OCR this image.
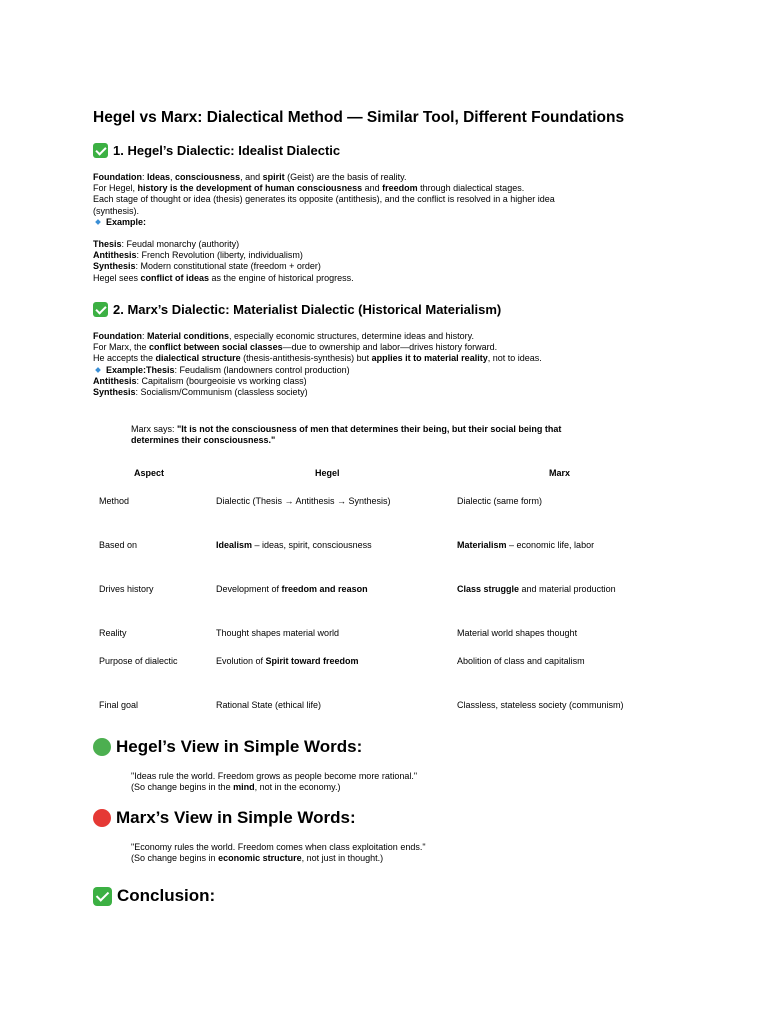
Hegel vs Marx: Dialectical Method — Similar Tool, Different Foundations
1. Hegel’s Dialectic: Idealist Dialectic
Foundation: Ideas, consciousness, and spirit (Geist) are the basis of reality.
For Hegel, history is the development of human consciousness and freedom through dialectical stages.
Each stage of thought or idea (thesis) generates its opposite (antithesis), and the conflict is resolved in a higher idea
(synthesis).
Example:
Thesis: Feudal monarchy (authority)
Antithesis: French Revolution (liberty, individualism)
Synthesis: Modern constitutional state (freedom + order)
Hegel sees conflict of ideas as the engine of historical progress.
2. Marx’s Dialectic: Materialist Dialectic (Historical Materialism)
Foundation: Material conditions, especially economic structures, determine ideas and history.
For Marx, the conflict between social classes—due to ownership and labor—drives history forward.
He accepts the dialectical structure (thesis-antithesis-synthesis) but applies it to material reality, not to ideas.
Example:Thesis: Feudalism (landowners control production)
Antithesis: Capitalism (bourgeoisie vs working class)
Synthesis: Socialism/Communism (classless society)
Marx says: "It is not the consciousness of men that determines their being, but their social being that
determines their consciousness."
Aspect	Hegel	Marx
Method	Dialectic (Thesis → Antithesis → Synthesis)	Dialectic (same form)
Based on	Idealism – ideas, spirit, consciousness	Materialism – economic life, labor
Drives history	Development of freedom and reason	Class struggle and material production
Reality	Thought shapes material world	Material world shapes thought
Purpose of dialectic	Evolution of Spirit toward freedom	Abolition of class and capitalism
Final goal	Rational State (ethical life)	Classless, stateless society (communism)
Hegel’s View in Simple Words:
"Ideas rule the world. Freedom grows as people become more rational."
(So change begins in the mind, not in the economy.)
Marx’s View in Simple Words:
"Economy rules the world. Freedom comes when class exploitation ends."
(So change begins in economic structure, not just in thought.)
Conclusion:
